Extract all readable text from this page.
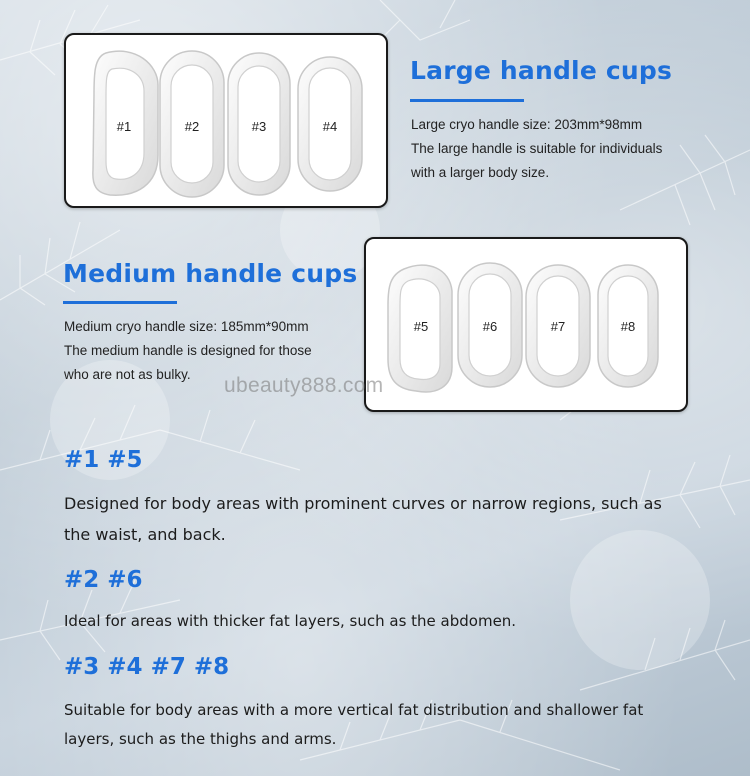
#1	#2	#3	#4
Large handle cups
Large cryo handle size: 203mm*98mm
The large handle is suitable for individuals
with a larger body size.
Medium handle cups
Medium cryo handle size: 185mm*90mm
The medium handle is designed for those
who are not as bulky.
#5	#6	#7	#8
ubeauty888.com
#1 #5
Designed for body areas with prominent curves or narrow regions, such as
the waist, and back.
#2 #6
Ideal for areas with thicker fat layers, such as the abdomen.
#3 #4 #7 #8
Suitable for body areas with a more vertical fat distribution and shallower fat
layers, such as the thighs and arms.
